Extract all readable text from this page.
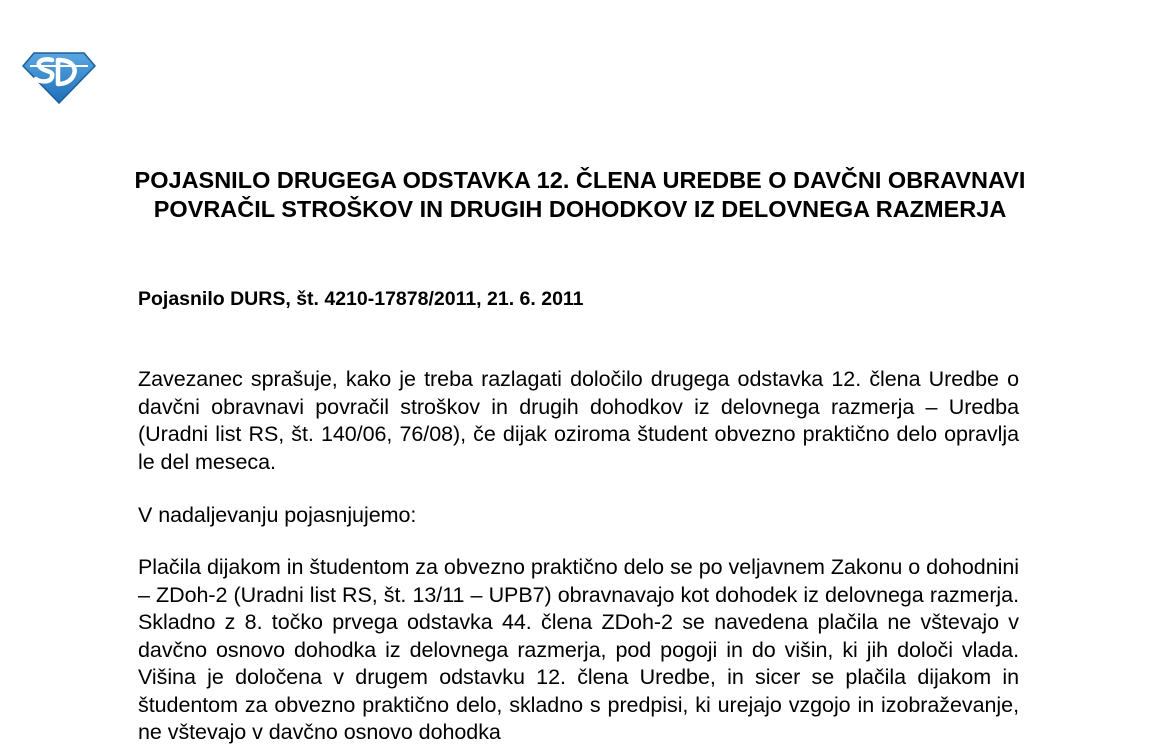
POJASNILO DRUGEGA ODSTAVKA 12. ČLENA UREDBE O DAVČNI OBRAVNAVI POVRAČIL STROŠKOV IN DRUGIH DOHODKOV IZ DELOVNEGA RAZMERJA

Pojasnilo DURS, št. 4210-17878/2011, 21. 6. 2011

Zavezanec sprašuje, kako je treba razlagati določilo drugega odstavka 12. člena Uredbe o davčni obravnavi povračil stroškov in drugih dohodkov iz delovnega razmerja – Uredba (Uradni list RS, št. 140/06, 76/08), če dijak oziroma študent obvezno praktično delo opravlja le del meseca.

V nadaljevanju pojasnjujemo:

Plačila dijakom in študentom za obvezno praktično delo se po veljavnem Zakonu o dohodnini – ZDoh-2 (Uradni list RS, št. 13/11 – UPB7) obravnavajo kot dohodek iz delovnega razmerja. Skladno z 8. točko prvega odstavka 44. člena ZDoh-2 se navedena plačila ne vštevajo v davčno osnovo dohodka iz delovnega razmerja, pod pogoji in do višin, ki jih določi vlada. Višina je določena v drugem odstavku 12. člena Uredbe, in sicer se plačila dijakom in študentom za obvezno praktično delo, skladno s predpisi, ki urejajo vzgojo in izobraževanje, ne vštevajo v davčno osnovo dohodka
